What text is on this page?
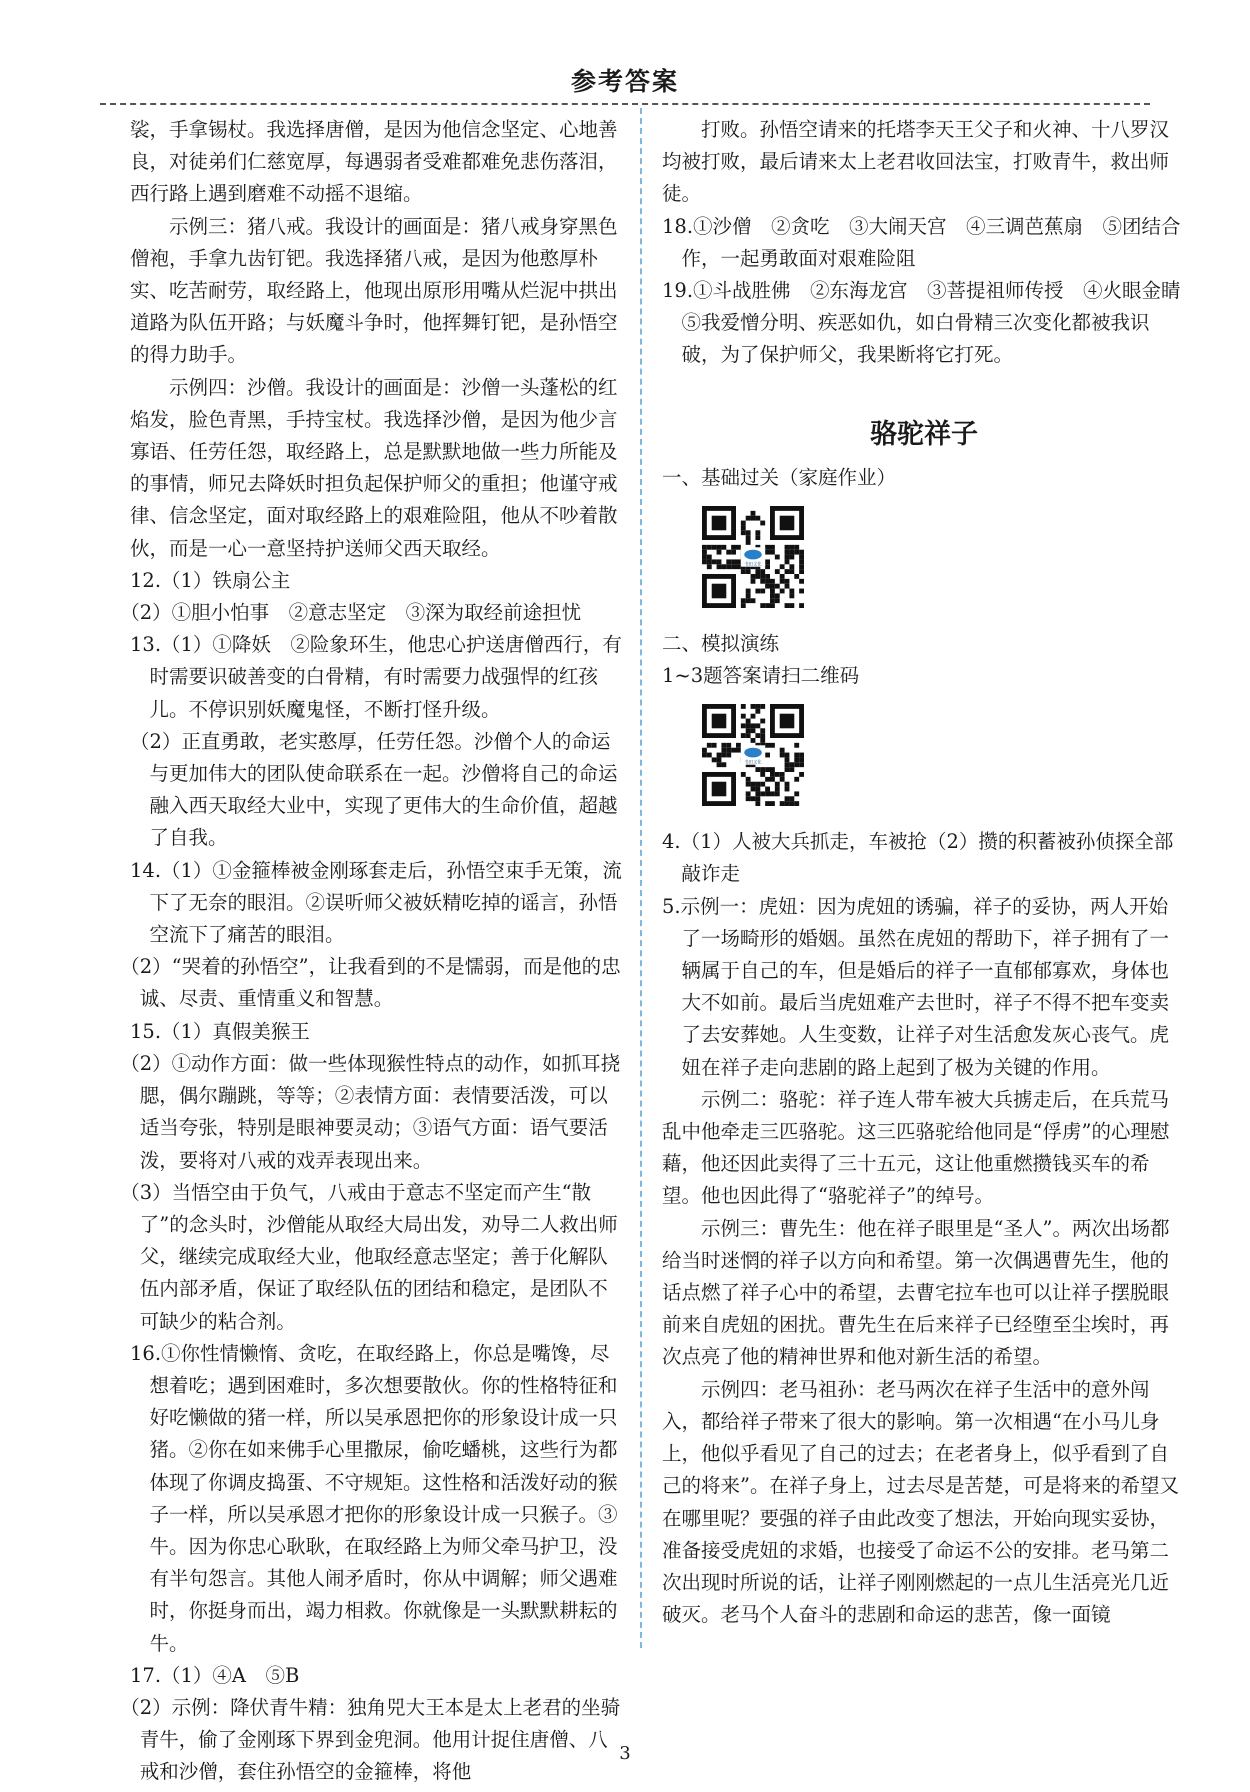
参考答案

裟，手拿锡杖。我选择唐僧，是因为他信念坚定、心地善良，对徒弟们仁慈宽厚，每遇弱者受难都难免悲伤落泪，西行路上遇到磨难不动摇不退缩。

示例三：猪八戒。我设计的画面是：猪八戒身穿黑色僧袍，手拿九齿钉钯。我选择猪八戒，是因为他憨厚朴实、吃苦耐劳，取经路上，他现出原形用嘴从烂泥中拱出道路为队伍开路；与妖魔斗争时，他挥舞钉钯，是孙悟空的得力助手。

示例四：沙僧。我设计的画面是：沙僧一头蓬松的红焰发，脸色青黑，手持宝杖。我选择沙僧，是因为他少言寡语、任劳任怨，取经路上，总是默默地做一些力所能及的事情，师兄去降妖时担负起保护师父的重担；他谨守戒律、信念坚定，面对取经路上的艰难险阻，他从不吵着散伙，而是一心一意坚持护送师父西天取经。

12.（1）铁扇公主

（2）①胆小怕事　②意志坚定　③深为取经前途担忧

13.（1）①降妖　②险象环生，他忠心护送唐僧西行，有时需要识破善变的白骨精，有时需要力战强悍的红孩儿。不停识别妖魔鬼怪，不断打怪升级。

（2）正直勇敢，老实憨厚，任劳任怨。沙僧个人的命运与更加伟大的团队使命联系在一起。沙僧将自己的命运融入西天取经大业中，实现了更伟大的生命价值，超越了自我。

14.（1）①金箍棒被金刚琢套走后，孙悟空束手无策，流下了无奈的眼泪。②误听师父被妖精吃掉的谣言，孙悟空流下了痛苦的眼泪。

（2）“哭着的孙悟空”，让我看到的不是懦弱，而是他的忠诚、尽责、重情重义和智慧。

15.（1）真假美猴王

（2）①动作方面：做一些体现猴性特点的动作，如抓耳挠腮，偶尔蹦跳，等等；②表情方面：表情要活泼，可以适当夸张，特别是眼神要灵动；③语气方面：语气要活泼，要将对八戒的戏弄表现出来。

（3）当悟空由于负气，八戒由于意志不坚定而产生“散了”的念头时，沙僧能从取经大局出发，劝导二人救出师父，继续完成取经大业，他取经意志坚定；善于化解队伍内部矛盾，保证了取经队伍的团结和稳定，是团队不可缺少的粘合剂。

16.①你性情懒惰、贪吃，在取经路上，你总是嘴馋，尽想着吃；遇到困难时，多次想要散伙。你的性格特征和好吃懒做的猪一样，所以吴承恩把你的形象设计成一只猪。②你在如来佛手心里撒尿，偷吃蟠桃，这些行为都体现了你调皮捣蛋、不守规矩。这性格和活泼好动的猴子一样，所以吴承恩才把你的形象设计成一只猴子。③牛。因为你忠心耿耿，在取经路上为师父牵马护卫，没有半句怨言。其他人闹矛盾时，你从中调解；师父遇难时，你挺身而出，竭力相救。你就像是一头默默耕耘的牛。

17.（1）④A　⑤B

（2）示例：降伏青牛精：独角兕大王本是太上老君的坐骑青牛，偷了金刚琢下界到金兜洞。他用计捉住唐僧、八戒和沙僧，套住孙悟空的金箍棒，将他

打败。孙悟空请来的托塔李天王父子和火神、十八罗汉均被打败，最后请来太上老君收回法宝，打败青牛，救出师徒。

18.①沙僧　②贪吃　③大闹天宫　④三调芭蕉扇　⑤团结合作，一起勇敢面对艰难险阻

19.①斗战胜佛　②东海龙宫　③菩提祖师传授　④火眼金睛　⑤我爱憎分明、疾恶如仇，如白骨精三次变化都被我识破，为了保护师父，我果断将它打死。

骆驼祥子

一、基础过关（家庭作业）

二、模拟演练

1~3题答案请扫二维码

4.（1）人被大兵抓走，车被抢（2）攒的积蓄被孙侦探全部敲诈走

5.示例一：虎妞：因为虎妞的诱骗，祥子的妥协，两人开始了一场畸形的婚姻。虽然在虎妞的帮助下，祥子拥有了一辆属于自己的车，但是婚后的祥子一直郁郁寡欢，身体也大不如前。最后当虎妞难产去世时，祥子不得不把车变卖了去安葬她。人生变数，让祥子对生活愈发灰心丧气。虎妞在祥子走向悲剧的路上起到了极为关键的作用。

示例二：骆驼：祥子连人带车被大兵掳走后，在兵荒马乱中他牵走三匹骆驼。这三匹骆驼给他同是“俘虏”的心理慰藉，他还因此卖得了三十五元，这让他重燃攒钱买车的希望。他也因此得了“骆驼祥子”的绰号。

示例三：曹先生：他在祥子眼里是“圣人”。两次出场都给当时迷惘的祥子以方向和希望。第一次偶遇曹先生，他的话点燃了祥子心中的希望，去曹宅拉车也可以让祥子摆脱眼前来自虎妞的困扰。曹先生在后来祥子已经堕至尘埃时，再次点亮了他的精神世界和他对新生活的希望。

示例四：老马祖孙：老马两次在祥子生活中的意外闯入，都给祥子带来了很大的影响。第一次相遇“在小马儿身上，他似乎看见了自己的过去；在老者身上，似乎看到了自己的将来”。在祥子身上，过去尽是苦楚，可是将来的希望又在哪里呢？要强的祥子由此改变了想法，开始向现实妥协，准备接受虎妞的求婚，也接受了命运不公的安排。老马第二次出现时所说的话，让祥子刚刚燃起的一点儿生活亮光几近破灭。老马个人奋斗的悲剧和命运的悲苦，像一面镜

3
